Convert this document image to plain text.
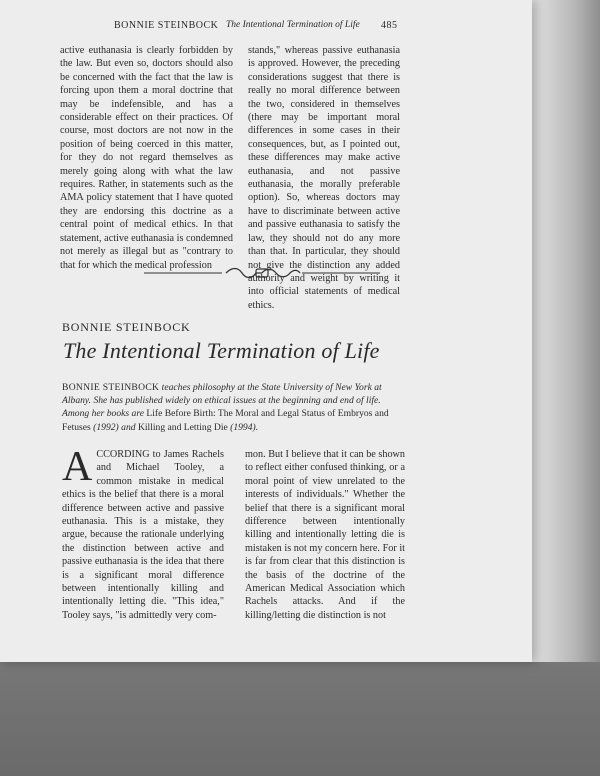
BONNIE STEINBOCK The Intentional Termination of Life 485

active euthanasia is clearly forbidden by the law. But even so, doctors should also be concerned with the fact that the law is forcing upon them a moral doctrine that may be indefensible, and has a considerable effect on their practices. Of course, most doctors are not now in the position of being coerced in this matter, for they do not regard themselves as merely going along with what the law requires. Rather, in statements such as the AMA policy statement that I have quoted they are endorsing this doctrine as a central point of medical ethics. In that statement, active euthanasia is condemned not merely as illegal but as "contrary to that for which the medical profession

stands," whereas passive euthanasia is approved. However, the preceding considerations suggest that there is really no moral difference between the two, considered in themselves (there may be important moral differences in some cases in their consequences, but, as I pointed out, these differences may make active euthanasia, and not passive euthanasia, the morally preferable option). So, whereas doctors may have to discriminate between active and passive euthanasia to satisfy the law, they should not do any more than that. In particular, they should not give the distinction any added authority and weight by writing it into official statements of medical ethics.

BONNIE STEINBOCK
The Intentional Termination of Life
BONNIE STEINBOCK teaches philosophy at the State University of New York at Albany. She has published widely on ethical issues at the beginning and end of life. Among her books are Life Before Birth: The Moral and Legal Status of Embryos and Fetuses (1992) and Killing and Letting Die (1994).

ACCORDING to James Rachels and Michael Tooley, a common mistake in medical ethics is the belief that there is a moral difference between active and passive euthanasia. This is a mistake, they argue, because the rationale underlying the distinction between active and passive euthanasia is the idea that there is a significant moral difference between intentionally killing and intentionally letting die. "This idea," Tooley says, "is admittedly very com-

mon. But I believe that it can be shown to reflect either confused thinking, or a moral point of view unrelated to the interests of individuals." Whether the belief that there is a significant moral difference between intentionally killing and intentionally letting die is mistaken is not my concern here. For it is far from clear that this distinction is the basis of the doctrine of the American Medical Association which Rachels attacks. And if the killing/letting die distinction is not
